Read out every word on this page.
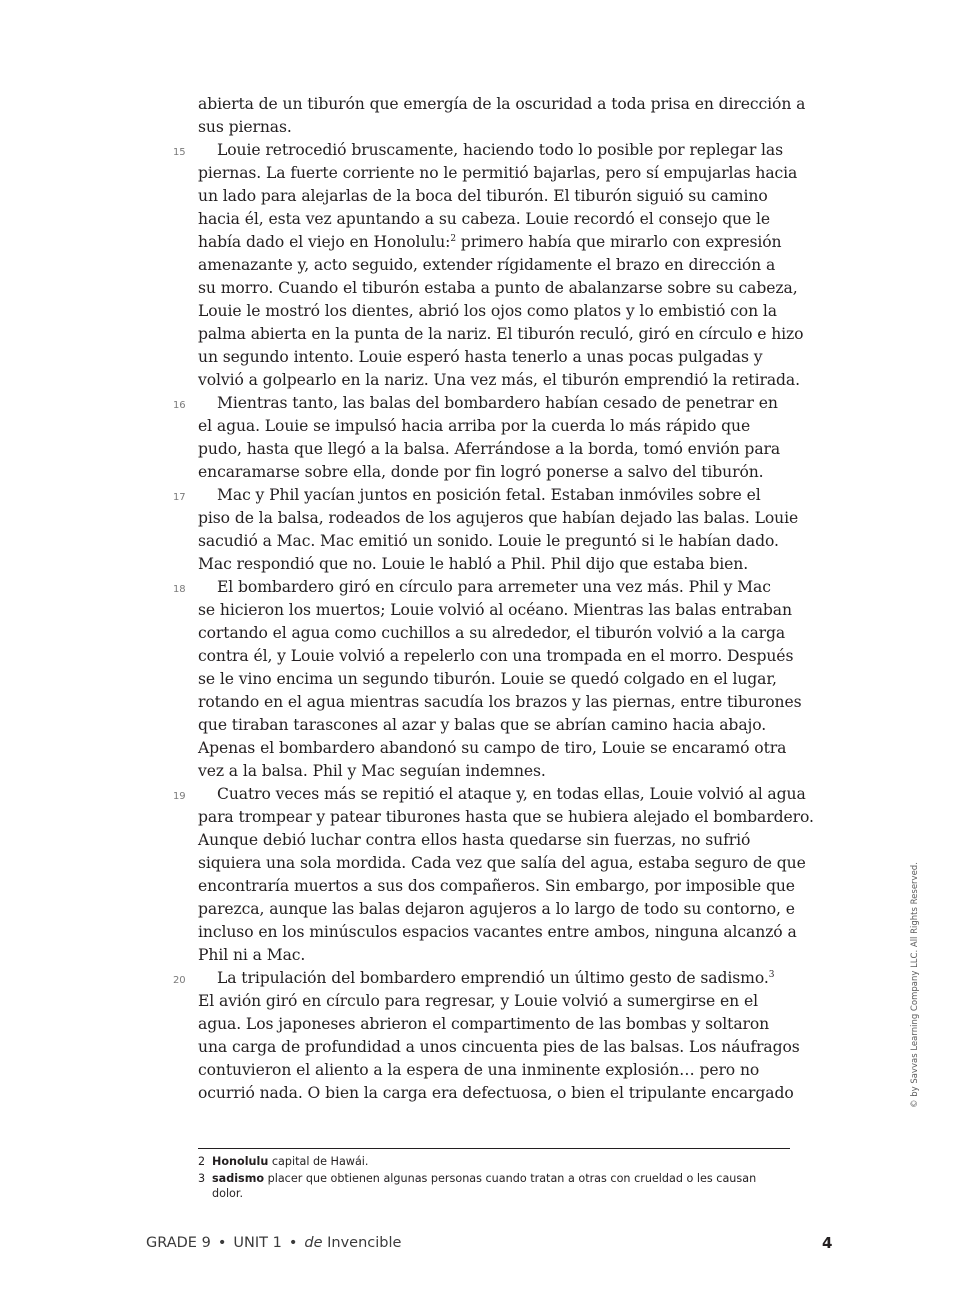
abierta de un tiburón que emergía de la oscuridad a toda prisa en dirección a
sus piernas.

15	Louie retrocedió bruscamente, haciendo todo lo posible por replegar las
piernas. La fuerte corriente no le permitió bajarlas, pero sí empujarlas hacia
un lado para alejarlas de la boca del tiburón. El tiburón siguió su camino
hacia él, esta vez apuntando a su cabeza. Louie recordó el consejo que le
había dado el viejo en Honolulu:$^2$ primero había que mirarlo con expresión
amenazante y, acto seguido, extender rígidamente el brazo en dirección a
su morro. Cuando el tiburón estaba a punto de abalanzarse sobre su cabeza,
Louie le mostró los dientes, abrió los ojos como platos y lo embistió con la
palma abierta en la punta de la nariz. El tiburón reculó, giró en círculo e hizo
un segundo intento. Louie esperó hasta tenerlo a unas pocas pulgadas y
volvió a golpearlo en la nariz. Una vez más, el tiburón emprendió la retirada.

16	Mientras tanto, las balas del bombardero habían cesado de penetrar en
el agua. Louie se impulsó hacia arriba por la cuerda lo más rápido que
pudo, hasta que llegó a la balsa. Aferrándose a la borda, tomó envión para
encaramarse sobre ella, donde por fin logró ponerse a salvo del tiburón.

17	Mac y Phil yacían juntos en posición fetal. Estaban inmóviles sobre el
piso de la balsa, rodeados de los agujeros que habían dejado las balas. Louie
sacudió a Mac. Mac emitió un sonido. Louie le preguntó si le habían dado.
Mac respondió que no. Louie le habló a Phil. Phil dijo que estaba bien.

18	El bombardero giró en círculo para arremeter una vez más. Phil y Mac
se hicieron los muertos; Louie volvió al océano. Mientras las balas entraban
cortando el agua como cuchillos a su alrededor, el tiburón volvió a la carga
contra él, y Louie volvió a repelerlo con una trompada en el morro. Después
se le vino encima un segundo tiburón. Louie se quedó colgado en el lugar,
rotando en el agua mientras sacudía los brazos y las piernas, entre tiburones
que tiraban tarascones al azar y balas que se abrían camino hacia abajo.
Apenas el bombardero abandonó su campo de tiro, Louie se encaramó otra
vez a la balsa. Phil y Mac seguían indemnes.

19	Cuatro veces más se repitió el ataque y, en todas ellas, Louie volvió al agua
para trompear y patear tiburones hasta que se hubiera alejado el bombardero.
Aunque debió luchar contra ellos hasta quedarse sin fuerzas, no sufrió
siquiera una sola mordida. Cada vez que salía del agua, estaba seguro de que
encontraría muertos a sus dos compañeros. Sin embargo, por imposible que
parezca, aunque las balas dejaron agujeros a lo largo de todo su contorno, e
incluso en los minúsculos espacios vacantes entre ambos, ninguna alcanzó a
Phil ni a Mac.

20	La tripulación del bombardero emprendió un último gesto de sadismo.$^3$
El avión giró en círculo para regresar, y Louie volvió a sumergirse en el
agua. Los japoneses abrieron el compartimento de las bombas y soltaron
una carga de profundidad a unos cincuenta pies de las balsas. Los náufragos
contuvieron el aliento a la espera de una inminente explosión… pero no
ocurrió nada. O bien la carga era defectuosa, o bien el tripulante encargado

2 Honolulu capital de Hawái.
3 sadismo placer que obtienen algunas personas cuando tratan a otras con crueldad o les causan dolor.
© by Savvas Learning Company LLC. All Rights Reserved.
GRADE 9 • UNIT 1 • de Invencible	4
